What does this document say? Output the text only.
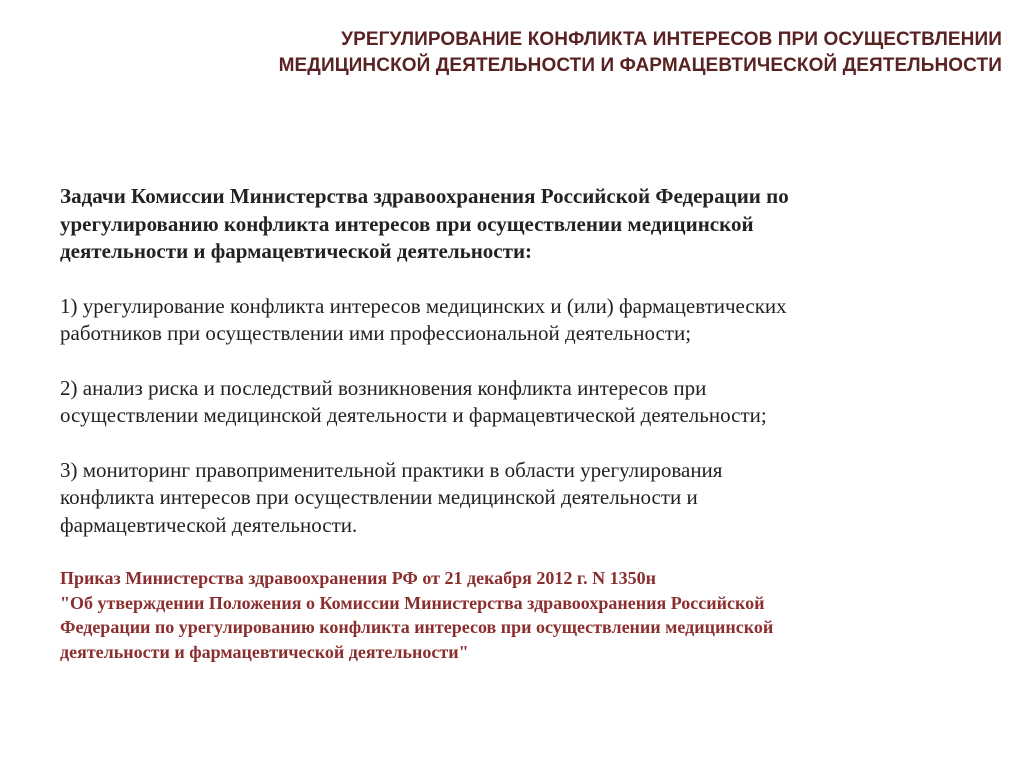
УРЕГУЛИРОВАНИЕ КОНФЛИКТА ИНТЕРЕСОВ ПРИ ОСУЩЕСТВЛЕНИИ
МЕДИЦИНСКОЙ ДЕЯТЕЛЬНОСТИ И ФАРМАЦЕВТИЧЕСКОЙ ДЕЯТЕЛЬНОСТИ
Задачи Комиссии Министерства здравоохранения Российской Федерации по
урегулированию конфликта интересов при осуществлении медицинской
деятельности и фармацевтической деятельности:
1) урегулирование конфликта интересов медицинских и (или) фармацевтических
работников при осуществлении ими профессиональной деятельности;
2) анализ риска и последствий возникновения конфликта интересов при
осуществлении медицинской деятельности и фармацевтической деятельности;
3) мониторинг правоприменительной практики в области урегулирования
конфликта интересов при осуществлении медицинской деятельности и
фармацевтической деятельности.
Приказ Министерства здравоохранения РФ от 21 декабря 2012 г. N 1350н
"Об утверждении Положения о Комиссии Министерства здравоохранения Российской
Федерации по урегулированию конфликта интересов при осуществлении медицинской
деятельности и фармацевтической деятельности"
